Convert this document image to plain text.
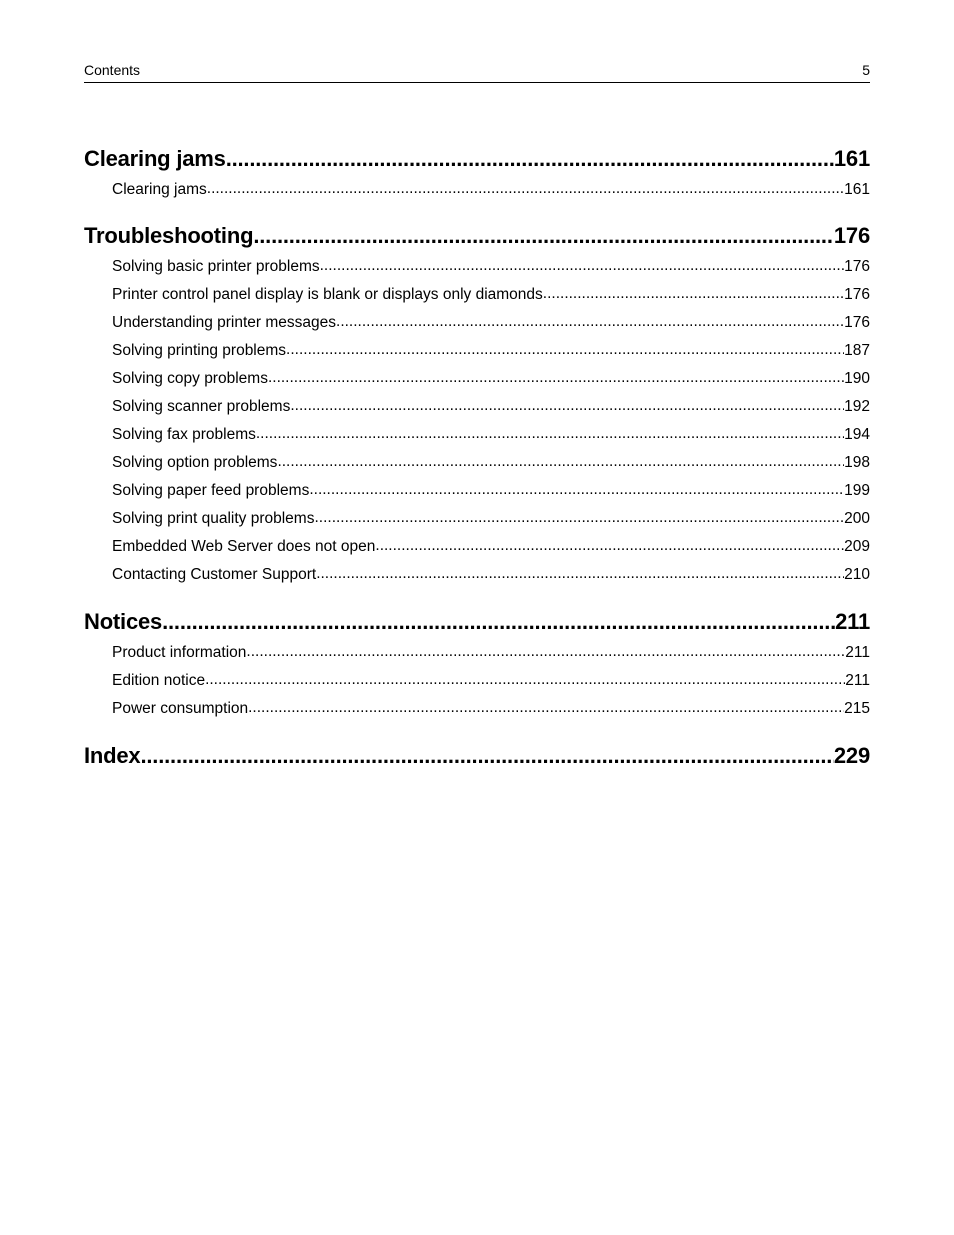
Contents	5
Clearing jams .....	161
Clearing jams .....	161
Troubleshooting .....	176
Solving basic printer problems .....	176
Printer control panel display is blank or displays only diamonds .....	176
Understanding printer messages .....	176
Solving printing problems .....	187
Solving copy problems .....	190
Solving scanner problems .....	192
Solving fax problems .....	194
Solving option problems .....	198
Solving paper feed problems .....	199
Solving print quality problems .....	200
Embedded Web Server does not open .....	209
Contacting Customer Support .....	210
Notices .....	211
Product information .....	211
Edition notice .....	211
Power consumption .....	215
Index .....	229
